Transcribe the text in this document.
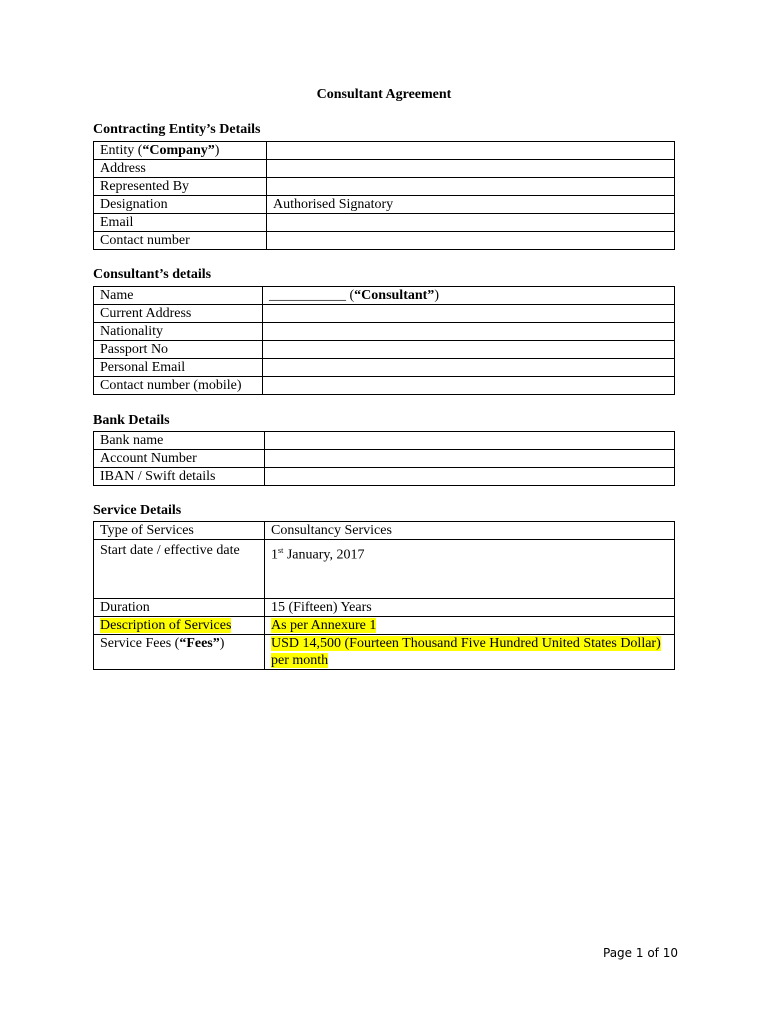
Consultant Agreement
Contracting Entity’s Details
Entity (“Company”)	
Address	
Represented By	
Designation	Authorised Signatory
Email	
Contact number	
Consultant’s details
Name	___________ (“Consultant”)
Current Address	
Nationality	
Passport No	
Personal Email	
Contact number (mobile)	
Bank Details
Bank name	
Account Number	
IBAN / Swift details	
Service Details
Type of Services	Consultancy Services
Start date / effective date	1st January, 2017
Duration	15 (Fifteen) Years
Description of Services	As per Annexure 1
Service Fees (“Fees”)	USD 14,500 (Fourteen Thousand Five Hundred United States Dollar) per month
Page 1 of 10
